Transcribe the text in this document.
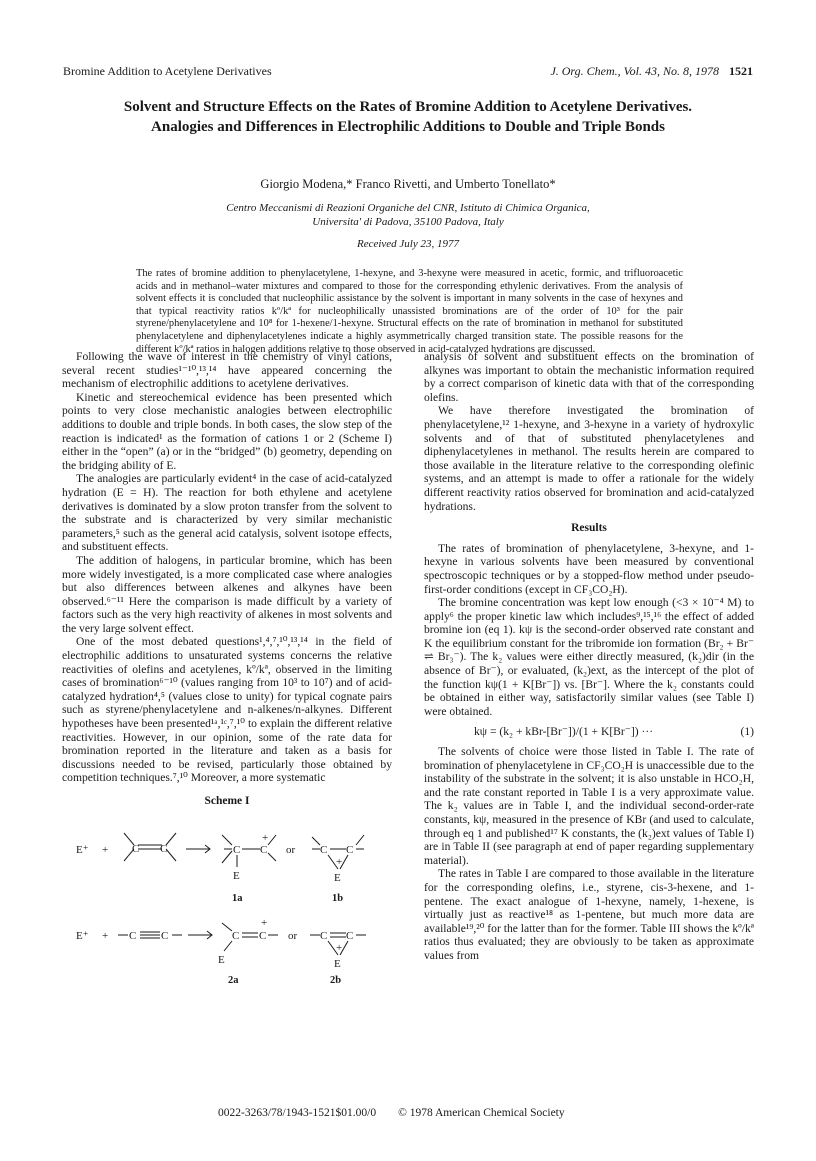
Bromine Addition to Acetylene Derivatives	J. Org. Chem., Vol. 43, No. 8, 1978 1521
Solvent and Structure Effects on the Rates of Bromine Addition to Acetylene Derivatives. Analogies and Differences in Electrophilic Additions to Double and Triple Bonds
Giorgio Modena,* Franco Rivetti, and Umberto Tonellato*
Centro Meccanismi di Reazioni Organiche del CNR, Istituto di Chimica Organica,
Universita' di Padova, 35100 Padova, Italy
Received July 23, 1977
The rates of bromine addition to phenylacetylene, 1-hexyne, and 3-hexyne were measured in acetic, formic, and trifluoroacetic acids and in methanol–water mixtures and compared to those for the corresponding ethylenic derivatives. From the analysis of solvent effects it is concluded that nucleophilic assistance by the solvent is important in many solvents in the case of hexynes and that typical reactivity ratios kº/kª for nucleophilically unassisted brominations are of the order of 10³ for the pair styrene/phenylacetylene and 10⁸ for 1-hexene/1-hexyne. Structural effects on the rate of bromination in methanol for substituted phenylacetylene and diphenylacetylenes indicate a highly asymmetrically charged transition state. The possible reasons for the different kº/kª ratios in halogen additions relative to those observed in acid-catalyzed hydrations are discussed.

Following the wave of interest in the chemistry of vinyl cations, several recent studies¹⁻¹⁰,¹³,¹⁴ have appeared concerning the mechanism of electrophilic additions to acetylene derivatives.

Kinetic and stereochemical evidence has been presented which points to very close mechanistic analogies between electrophilic additions to double and triple bonds. In both cases, the slow step of the reaction is indicated¹ as the formation of cations 1 or 2 (Scheme I) either in the “open” (a) or in the “bridged” (b) geometry, depending on the bridging ability of E.

The analogies are particularly evident⁴ in the case of acid-catalyzed hydration (E = H). The reaction for both ethylene and acetylene derivatives is dominated by a slow proton transfer from the solvent to the substrate and is characterized by very similar mechanistic parameters,⁵ such as the general acid catalysis, solvent isotope effects, and substituent effects.

The addition of halogens, in particular bromine, which has been more widely investigated, is a more complicated case where analogies but also differences between alkenes and alkynes have been observed.⁶⁻¹¹ Here the comparison is made difficult by a variety of factors such as the very high reactivity of alkenes in most solvents and the very large solvent effect.

One of the most debated questions¹,⁴,⁷,¹⁰,¹³,¹⁴ in the field of electrophilic additions to unsaturated systems concerns the relative reactivities of olefins and acetylenes, kº/kª, observed in the limiting cases of bromination⁶⁻¹⁰ (values ranging from 10³ to 10⁷) and of acid-catalyzed hydration⁴,⁵ (values close to unity) for typical cognate pairs such as styrene/phenylacetylene and n-alkenes/n-alkynes. Different hypotheses have been presented¹ᵃ,¹ᶜ,⁷,¹⁰ to explain the different relative reactivities. However, in our opinion, some of the rate data for bromination reported in the literature and taken as a basis for discussions needed to be revised, particularly those obtained by competition techniques.⁷,¹⁰ Moreover, a more systematic

Scheme I
E⁺ + C C	C C
+
E
or C C
+
E
1a	1b
E⁺ + C C	C C
+
E
or C C
+
E
2a	2b

analysis of solvent and substituent effects on the bromination of alkynes was important to obtain the mechanistic information required by a correct comparison of kinetic data with that of the corresponding olefins.

We have therefore investigated the bromination of phenylacetylene,¹² 1-hexyne, and 3-hexyne in a variety of hydroxylic solvents and of that of substituted phenylacetylenes and diphenylacetylenes in methanol. The results herein are compared to those available in the literature relative to the corresponding olefinic systems, and an attempt is made to offer a rationale for the widely different reactivity ratios observed for bromination and acid-catalyzed hydrations.

Results

The rates of bromination of phenylacetylene, 3-hexyne, and 1-hexyne in various solvents have been measured by conventional spectroscopic techniques or by a stopped-flow method under pseudo-first-order conditions (except in CF₃CO₂H).

The bromine concentration was kept low enough (<3 × 10⁻⁴ M) to apply⁶ the proper kinetic law which includes⁹,¹⁵,¹⁶ the effect of added bromine ion (eq 1). kψ is the second-order observed rate constant and K the equilibrium constant for the tribromide ion formation (Br₂ + Br⁻ ⇌ Br₃⁻). The k₂ values were either directly measured, (k₂)dir (in the absence of Br⁻), or evaluated, (k₂)ext, as the intercept of the plot of the function kψ(1 + K[Br⁻]) vs. [Br⁻]. Where the k₂ constants could be obtained in either way, satisfactorily similar values (see Table I) were obtained.

kψ = (k₂ + kBr-[Br⁻])/(1 + K[Br⁻]) ···	(1)

The solvents of choice were those listed in Table I. The rate of bromination of phenylacetylene in CF₃CO₂H is unaccessible due to the instability of the substrate in the solvent; it is also unstable in HCO₂H, and the rate constant reported in Table I is a very approximate value. The k₂ values are in Table I, and the individual second-order-rate constants, kψ, measured in the presence of KBr (and used to calculate, through eq 1 and published¹⁷ K constants, the (k₂)ext values of Table I) are in Table II (see paragraph at end of paper regarding supplementary material).

The rates in Table I are compared to those available in the literature for the corresponding olefins, i.e., styrene, cis-3-hexene, and 1-pentene. The exact analogue of 1-hexyne, namely, 1-hexene, is virtually just as reactive¹⁸ as 1-pentene, but much more data are available¹⁹,²⁰ for the latter than for the former. Table III shows the kº/kª ratios thus evaluated; they are obviously to be taken as approximate values from

0022-3263/78/1943-1521$01.00/0 © 1978 American Chemical Society
